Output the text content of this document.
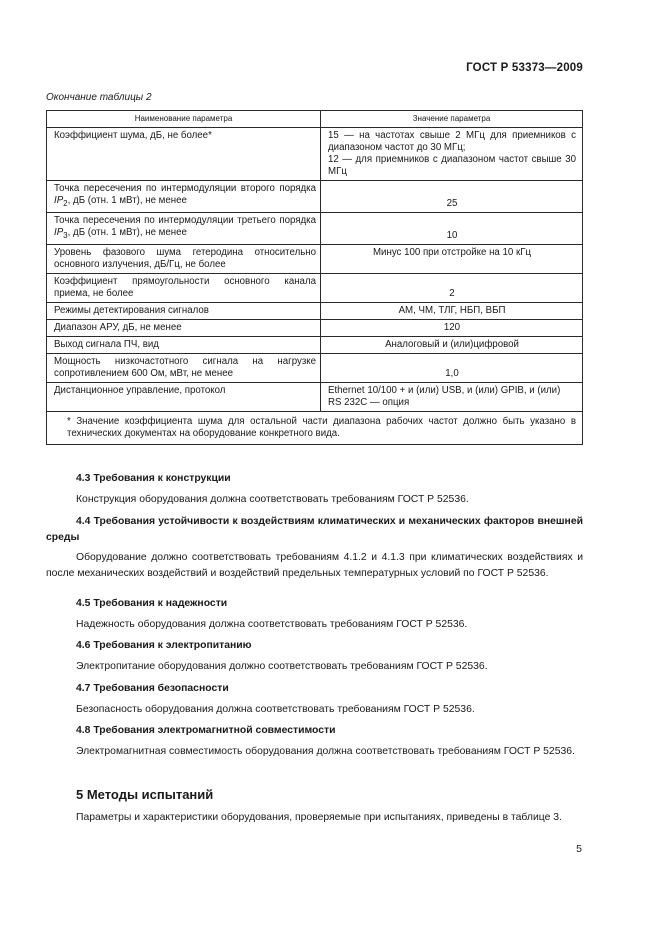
ГОСТ Р 53373—2009
Окончание таблицы 2
Наименование параметра	Значение параметра
Коэффициент шума, дБ, не более*	15 — на частотах свыше 2 МГц для приемников с диапазоном частот до 30 МГц;
12 — для приемников с диапазоном частот свыше 30 МГц

Точка пересечения по интермодуляции второго порядка $IP_2$, дБ (отн. 1 мВт), не менее	25
Точка пересечения по интермодуляции третьего порядка $IP_3$, дБ (отн. 1 мВт), не менее	10
Уровень фазового шума гетеродина относительно основного излучения, дБ/Гц, не более	Минус 100 при отстройке на 10 кГц
Коэффициент прямоугольности основного канала приема, не более	2
Режимы детектирования сигналов	АМ, ЧМ, ТЛГ, НБП, ВБП
Диапазон АРУ, дБ, не менее	120
Выход сигнала ПЧ, вид	Аналоговый и (или)цифровой
Мощность низкочастотного сигнала на нагрузке сопротивлением 600 Ом, мВт, не менее	1,0
Дистанционное управление, протокол	Ethernet 10/100 + и (или) USB, и (или) GPIB, и (или) RS 232C — опция
* Значение коэффициента шума для остальной части диапазона рабочих частот должно быть указано в технических документах на оборудование конкретного вида.	
4.3 Требования к конструкции
Конструкция оборудования должна соответствовать требованиям ГОСТ Р 52536.
4.4 Требования устойчивости к воздействиям климатических и механических факторов внешней среды
Оборудование должно соответствовать требованиям 4.1.2 и 4.1.3 при климатических воздействиях и после механических воздействий и воздействий предельных температурных условий по ГОСТ Р 52536.
4.5 Требования к надежности
Надежность оборудования должна соответствовать требованиям ГОСТ Р 52536.
4.6 Требования к электропитанию
Электропитание оборудования должно соответствовать требованиям ГОСТ Р 52536.
4.7 Требования безопасности
Безопасность оборудования должна соответствовать требованиям ГОСТ Р 52536.
4.8 Требования электромагнитной совместимости
Электромагнитная совместимость оборудования должна соответствовать требованиям ГОСТ Р 52536.
5 Методы испытаний
Параметры и характеристики оборудования, проверяемые при испытаниях, приведены в таблице 3.
5
